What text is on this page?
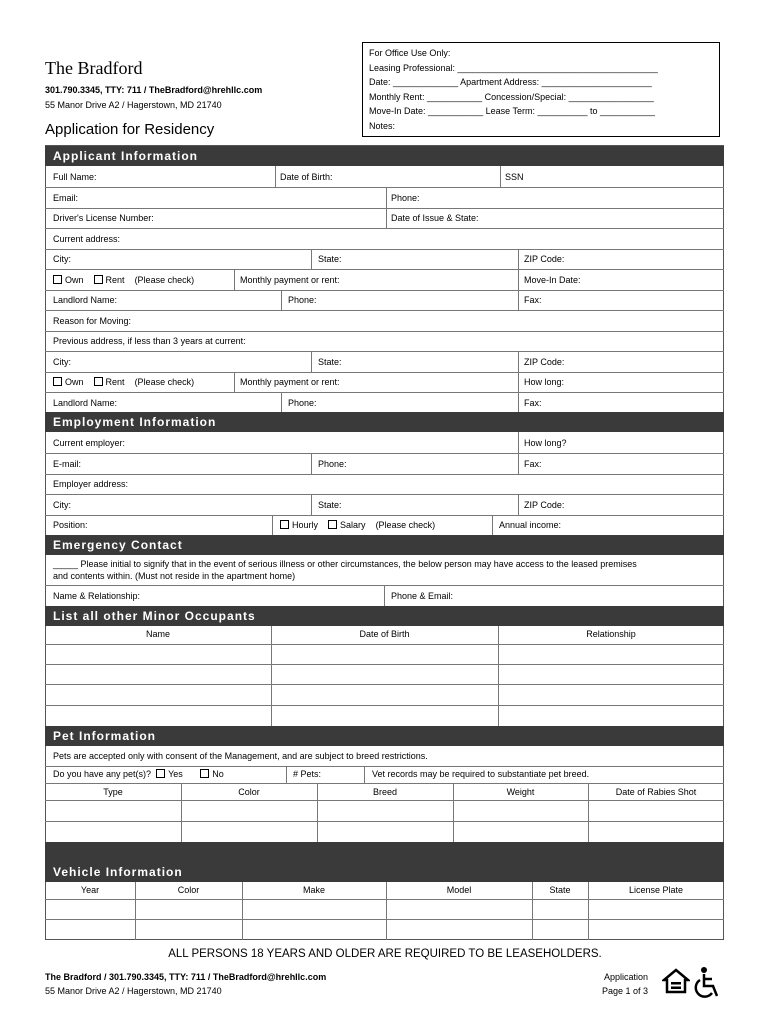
The Bradford
301.790.3345, TTY: 711 / TheBradford@hrehllc.com
55 Manor Drive A2 / Hagerstown, MD 21740
Application for Residency
For Office Use Only:
Leasing Professional: ________________________________________
Date: _____________ Apartment Address: ______________________
Monthly Rent: ___________ Concession/Special: _________________
Move-In Date: ___________ Lease Term: __________ to ___________
Notes:
Applicant Information
Employment Information
Emergency Contact
List all other Minor Occupants
Pet Information
Vehicle Information
Full Name:	Date of Birth:	SSN
Email:	Phone:
Driver's License Number:	Date of Issue & State:
Current address:
City:	State:	ZIP Code:
Own Rent (Please check)	Monthly payment or rent:	Move-In Date:
Landlord Name:	Phone:	Fax:
Reason for Moving:
Previous address, if less than 3 years at current:
City:	State:	ZIP Code:
Own Rent (Please check)	Monthly payment or rent:	How long:
Landlord Name:	Phone:	Fax:
Current employer:	How long?
E-mail:	Phone:	Fax:
Employer address:
City:	State:	ZIP Code:
Position:	Hourly Salary (Please check)	Annual income:
_____ Please initial to signify that in the event of serious illness or other circumstances, the below person may have access to the leased premises
and contents within. (Must not reside in the apartment home)
Name & Relationship:	Phone & Email:
Name	Date of Birth	Relationship
Pets are accepted only with consent of the Management, and are subject to breed restrictions.
Do you have any pet(s)? Yes	No	# Pets:	Vet records may be required to substantiate pet breed.
Type	Color	Breed	Weight	Date of Rabies Shot
Year	Color	Make	Model	State	License Plate
ALL PERSONS 18 YEARS AND OLDER ARE REQUIRED TO BE LEASEHOLDERS.
The Bradford / 301.790.3345, TTY: 711 / TheBradford@hrehllc.com
55 Manor Drive A2 / Hagerstown, MD 21740
Application
Page 1 of 3
